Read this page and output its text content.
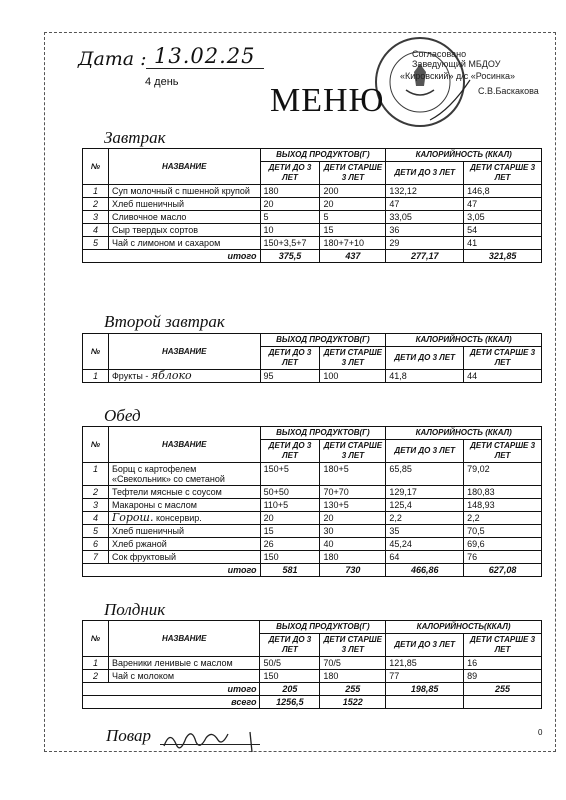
Дата : 13.02.25
4 день
Согласовано
Заведующий МБДОУ
«Кировский» д/с «Росинка»
С.В.Баскакова
МЕНЮ
Завтрак
№	НАЗВАНИЕ	ВЫХОД ПРОДУКТОВ(Г)		КАЛОРИЙНОСТЬ (ККАЛ)	
		ДЕТИ ДО 3 ЛЕТ	ДЕТИ СТАРШЕ 3 ЛЕТ	ДЕТИ ДО 3 ЛЕТ	ДЕТИ СТАРШЕ 3 ЛЕТ
1	Суп молочный с пшенной крупой	180	200	132,12	146,8
2	Хлеб пшеничный	20	20	47	47
3	Сливочное масло	5	5	33,05	3,05
4	Сыр твердых сортов	10	15	36	54
5	Чай с лимоном и сахаром	150+3,5+7	180+7+10	29	41
итого		375,5	437	277,17	321,85
Второй завтрак
№	НАЗВАНИЕ	ВЫХОД ПРОДУКТОВ(Г)		КАЛОРИЙНОСТЬ (ККАЛ)	
		ДЕТИ ДО 3 ЛЕТ	ДЕТИ СТАРШЕ 3 ЛЕТ	ДЕТИ ДО 3 ЛЕТ	ДЕТИ СТАРШЕ 3 ЛЕТ
1	Фрукты - яблоко	95	100	41,8	44
Обед
№	НАЗВАНИЕ	ВЫХОД ПРОДУКТОВ(Г)		КАЛОРИЙНОСТЬ (ККАЛ)	
		ДЕТИ ДО 3 ЛЕТ	ДЕТИ СТАРШЕ 3 ЛЕТ	ДЕТИ ДО 3 ЛЕТ	ДЕТИ СТАРШЕ 3 ЛЕТ
1	Борщ с картофелем «Свекольник» со сметаной	150+5	180+5	65,85	79,02
2	Тефтели мясные с соусом	50+50	70+70	129,17	180,83
3	Макароны с маслом	110+5	130+5	125,4	148,93
4	Горош. консервир.	20	20	2,2	2,2
5	Хлеб пшеничный	15	30	35	70,5
6	Хлеб ржаной	26	40	45,24	69,6
7	Сок фруктовый	150	180	64	76
итого		581	730	466,86	627,08
Полдник
№	НАЗВАНИЕ	ВЫХОД ПРОДУКТОВ(Г)		КАЛОРИЙНОСТЬ(ККАЛ)	
		ДЕТИ ДО 3 ЛЕТ	ДЕТИ СТАРШЕ 3 ЛЕТ	ДЕТИ ДО 3 ЛЕТ	ДЕТИ СТАРШЕ 3 ЛЕТ
1	Вареники ленивые с маслом	50/5	70/5	121,85	16
2	Чай с молоком	150	180	77	89
итого		205	255	198,85	255
всего		1256,5	1522		
Повар	0
